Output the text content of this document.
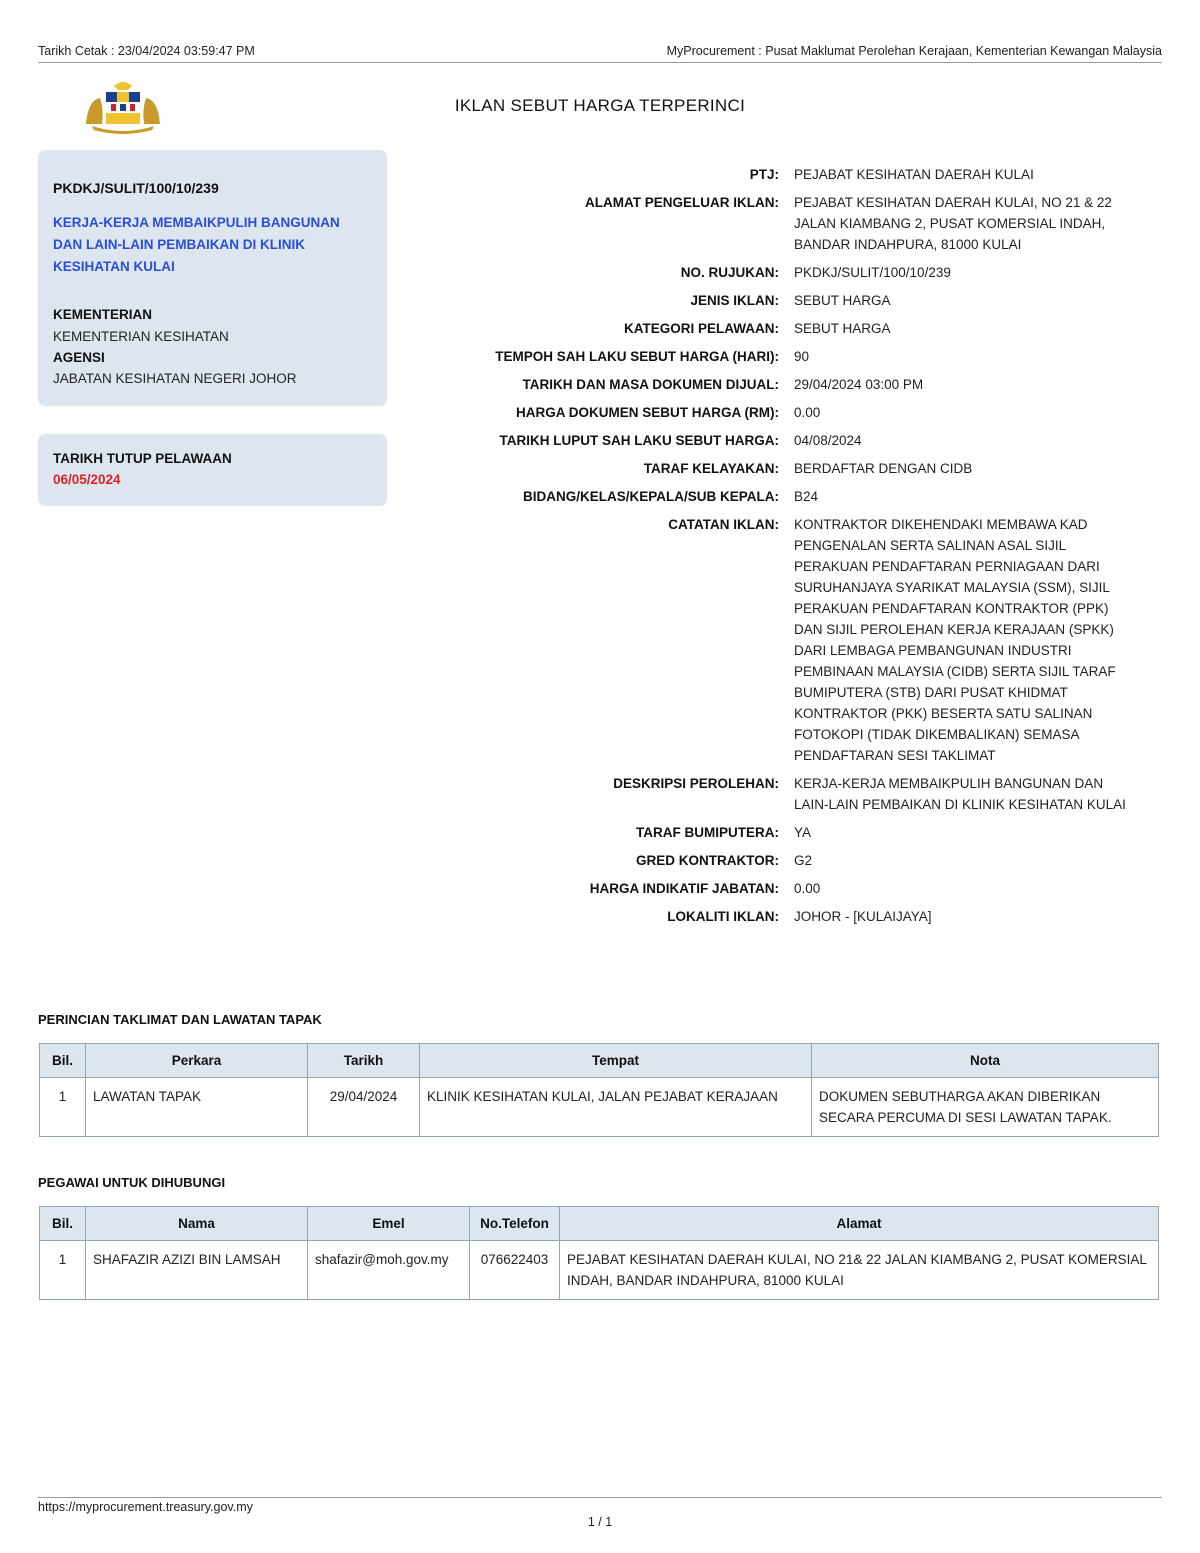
Tarikh Cetak : 23/04/2024 03:59:47 PM	MyProcurement : Pusat Maklumat Perolehan Kerajaan, Kementerian Kewangan Malaysia
IKLAN SEBUT HARGA TERPERINCI
PKDKJ/SULIT/100/10/239
KERJA-KERJA MEMBAIKPULIH BANGUNAN DAN LAIN-LAIN PEMBAIKAN DI KLINIK KESIHATAN KULAI
KEMENTERIAN
KEMENTERIAN KESIHATAN
AGENSI
JABATAN KESIHATAN NEGERI JOHOR
TARIKH TUTUP PELAWAAN
06/05/2024
PTJ:	PEJABAT KESIHATAN DAERAH KULAI
ALAMAT PENGELUAR IKLAN:	PEJABAT KESIHATAN DAERAH KULAI, NO 21 & 22 JALAN KIAMBANG 2, PUSAT KOMERSIAL INDAH, BANDAR INDAHPURA, 81000 KULAI
NO. RUJUKAN:	PKDKJ/SULIT/100/10/239
JENIS IKLAN:	SEBUT HARGA
KATEGORI PELAWAAN:	SEBUT HARGA
TEMPOH SAH LAKU SEBUT HARGA (HARI):	90
TARIKH DAN MASA DOKUMEN DIJUAL:	29/04/2024 03:00 PM
HARGA DOKUMEN SEBUT HARGA (RM):	0.00
TARIKH LUPUT SAH LAKU SEBUT HARGA:	04/08/2024
TARAF KELAYAKAN:	BERDAFTAR DENGAN CIDB
BIDANG/KELAS/KEPALA/SUB KEPALA:	B24
CATATAN IKLAN:	KONTRAKTOR DIKEHENDAKI MEMBAWA KAD PENGENALAN SERTA SALINAN ASAL SIJIL PERAKUAN PENDAFTARAN PERNIAGAAN DARI SURUHANJAYA SYARIKAT MALAYSIA (SSM), SIJIL PERAKUAN PENDAFTARAN KONTRAKTOR (PPK) DAN SIJIL PEROLEHAN KERJA KERAJAAN (SPKK) DARI LEMBAGA PEMBANGUNAN INDUSTRI PEMBINAAN MALAYSIA (CIDB) SERTA SIJIL TARAF BUMIPUTERA (STB) DARI PUSAT KHIDMAT KONTRAKTOR (PKK) BESERTA SATU SALINAN FOTOKOPI (TIDAK DIKEMBALIKAN) SEMASA PENDAFTARAN SESI TAKLIMAT
DESKRIPSI PEROLEHAN:	KERJA-KERJA MEMBAIKPULIH BANGUNAN DAN LAIN-LAIN PEMBAIKAN DI KLINIK KESIHATAN KULAI
TARAF BUMIPUTERA:	YA
GRED KONTRAKTOR:	G2
HARGA INDIKATIF JABATAN:	0.00
LOKALITI IKLAN:	JOHOR - [KULAIJAYA]
PERINCIAN TAKLIMAT DAN LAWATAN TAPAK
Bil.	Perkara	Tarikh	Tempat	Nota
1	LAWATAN TAPAK	29/04/2024	KLINIK KESIHATAN KULAI, JALAN PEJABAT KERAJAAN	DOKUMEN SEBUTHARGA AKAN DIBERIKAN SECARA PERCUMA DI SESI LAWATAN TAPAK.
PEGAWAI UNTUK DIHUBUNGI
Bil.	Nama	Emel	No.Telefon	Alamat
1	SHAFAZIR AZIZI BIN LAMSAH	shafazir@moh.gov.my	076622403	PEJABAT KESIHATAN DAERAH KULAI, NO 21& 22 JALAN KIAMBANG 2, PUSAT KOMERSIAL INDAH, BANDAR INDAHPURA, 81000 KULAI
https://myprocurement.treasury.gov.my
1 / 1
